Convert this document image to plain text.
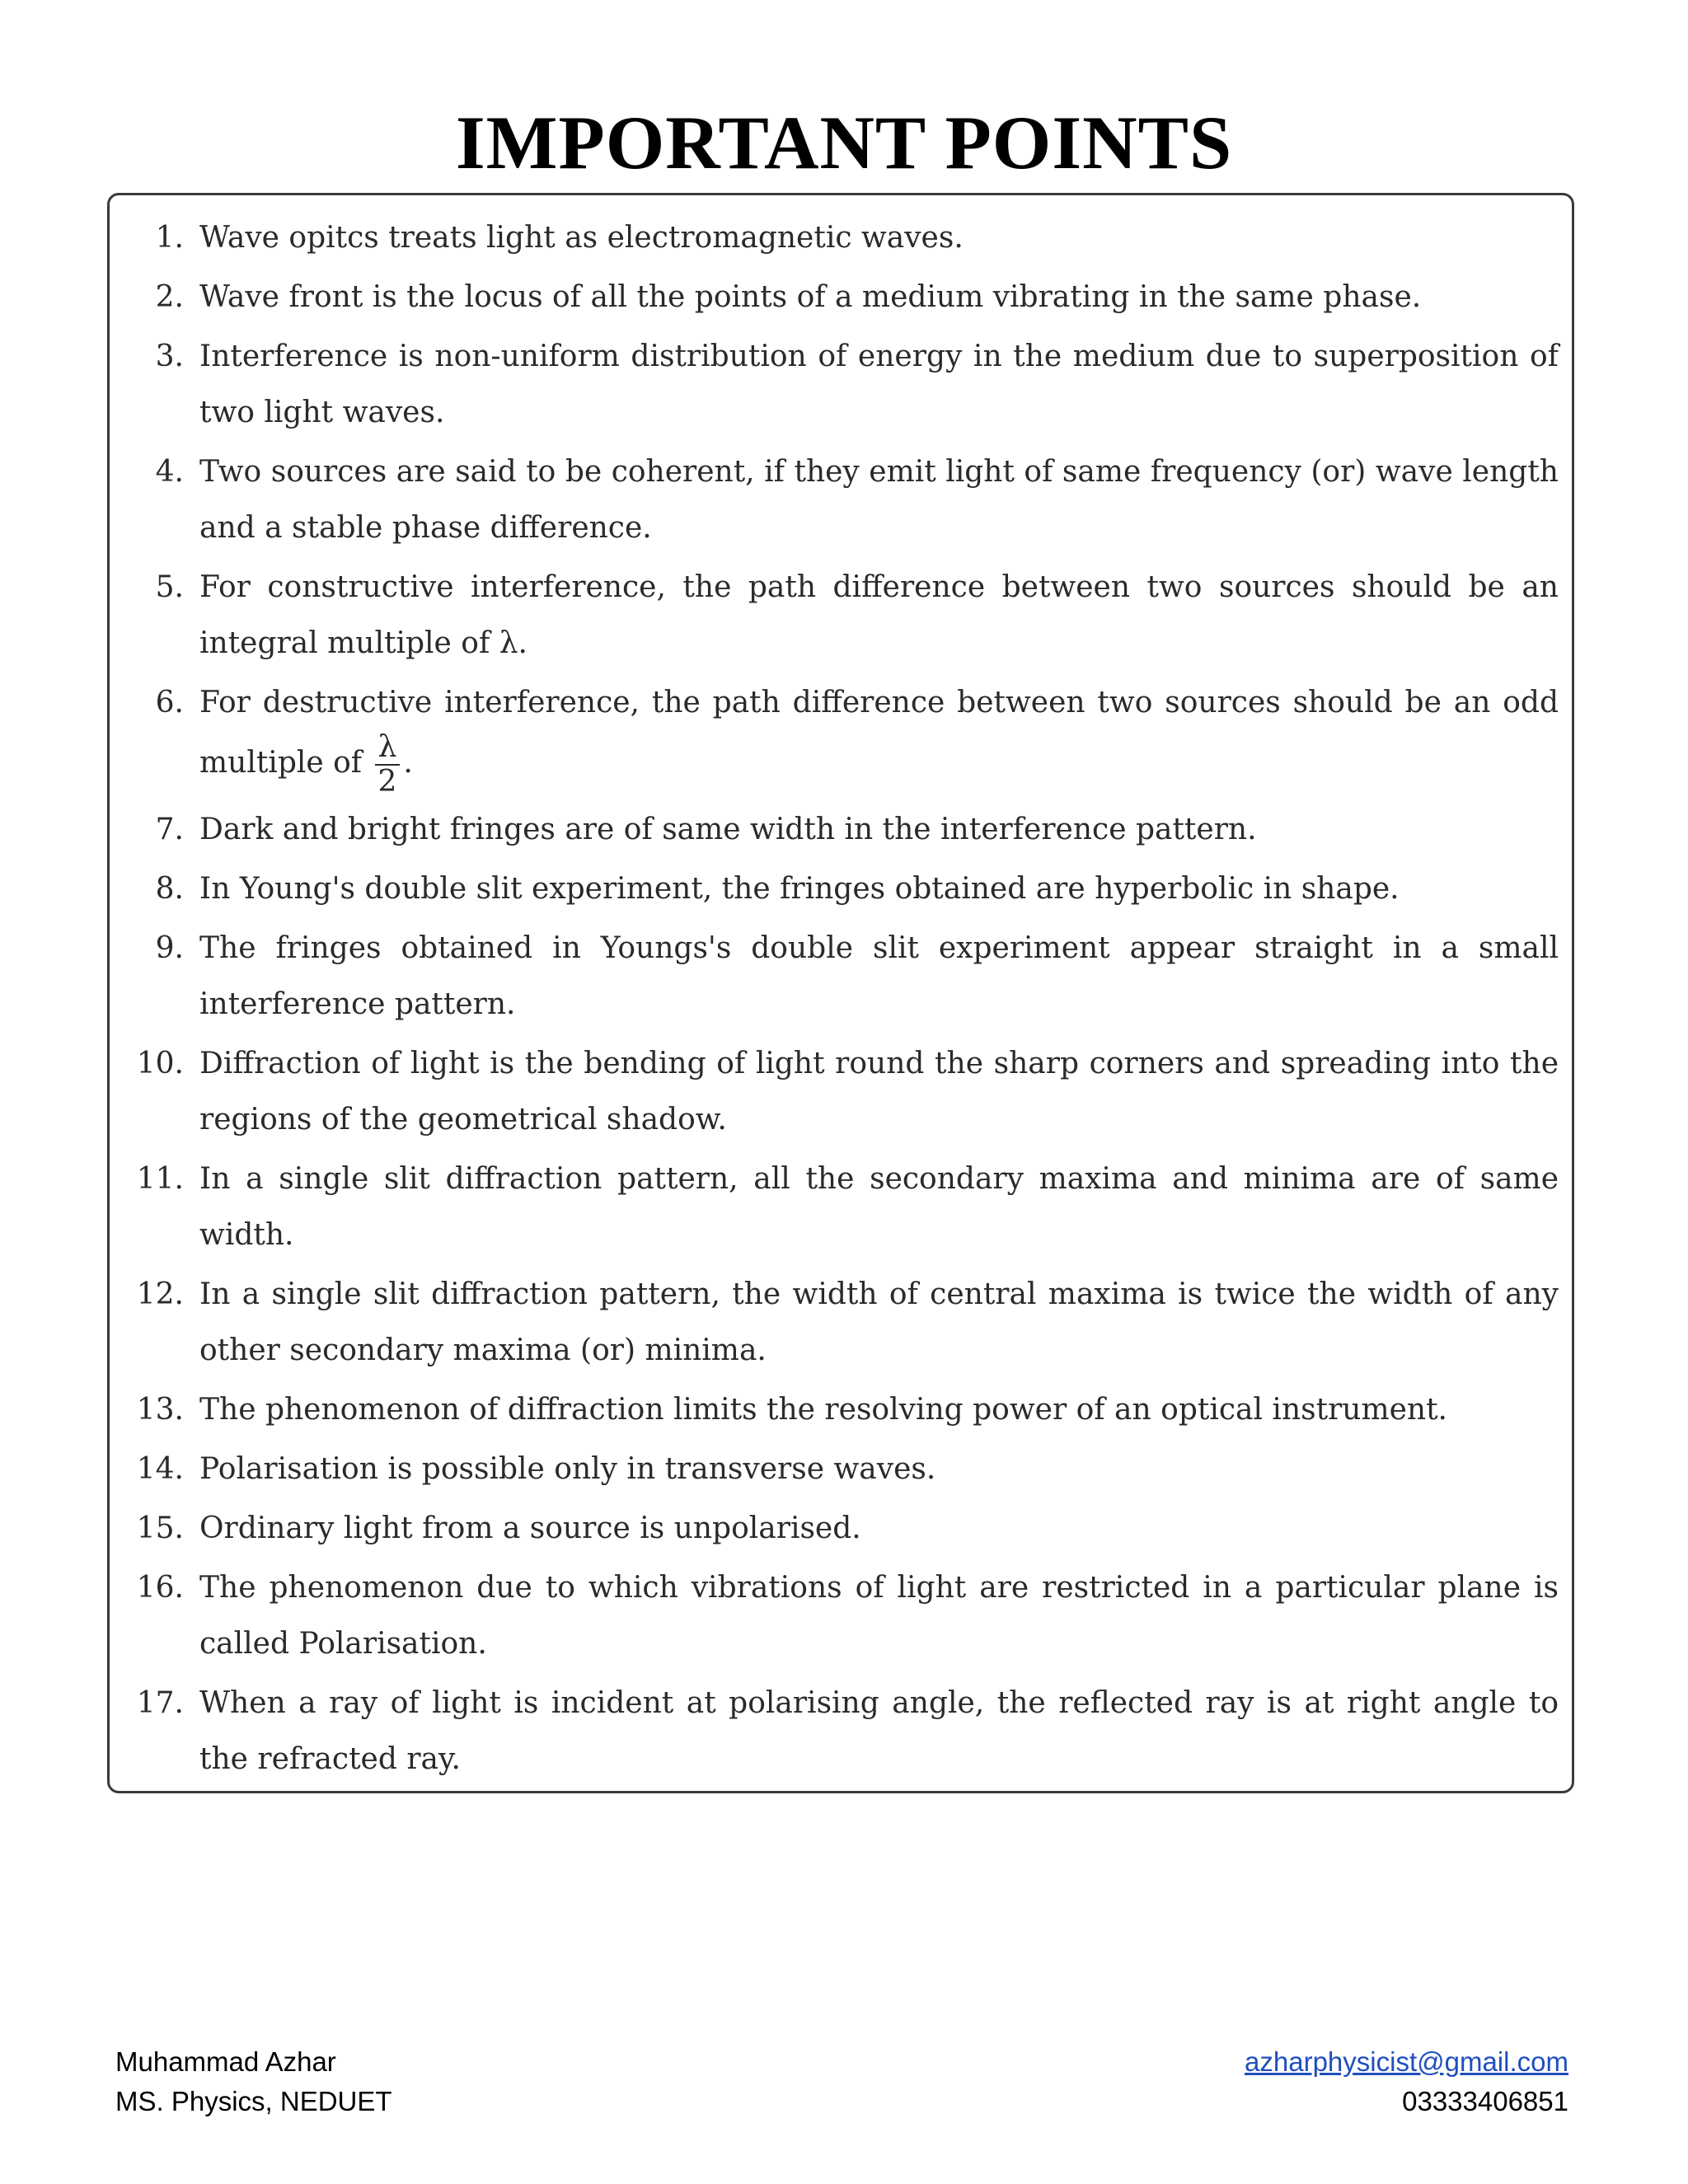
IMPORTANT POINTS
1. Wave opitcs treats light as electromagnetic waves.
2. Wave front is the locus of all the points of a medium vibrating in the same phase.
3. Interference is non-uniform distribution of energy in the medium due to superposition of two light waves.
4. Two sources are said to be coherent, if they emit light of same frequency (or) wave length and a stable phase difference.
5. For constructive interference, the path difference between two sources should be an integral multiple of λ.
6. For destructive interference, the path difference between two sources should be an odd multiple of $\frac{\lambda}{2}$ .
7. Dark and bright fringes are of same width in the interference pattern.
8. In Young's double slit experiment, the fringes obtained are hyperbolic in shape.
9. The fringes obtained in Youngs's double slit experiment appear straight in a small interference pattern.
10. Diffraction of light is the bending of light round the sharp corners and spreading into the regions of the geometrical shadow.
11. In a single slit diffraction pattern, all the secondary maxima and minima are of same width.
12. In a single slit diffraction pattern, the width of central maxima is twice the width of any other secondary maxima (or) minima.
13. The phenomenon of diffraction limits the resolving power of an optical instrument.
14. Polarisation is possible only in transverse waves.
15. Ordinary light from a source is unpolarised.
16. The phenomenon due to which vibrations of light are restricted in a particular plane is called Polarisation.
17. When a ray of light is incident at polarising angle, the reflected ray is at right angle to the refracted ray.
Muhammad Azhar
MS. Physics, NEDUET
azharphysicist@gmail.com
03333406851
